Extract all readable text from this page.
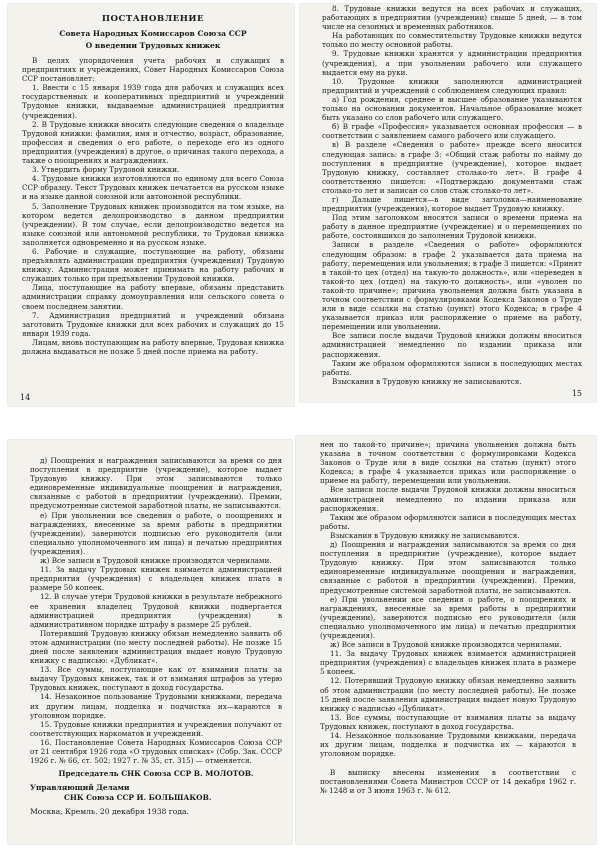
ПОСТАНОВЛЕНИЕ

Совета Народных Комиссаров Союза ССР

О введении Трудовых книжек

В целях упорядочения учета рабочих и служащих в предприятиях и учреждениях, Совет Народных Комиссаров Союза ССР постановляет:

1. Ввести с 15 января 1939 года для рабочих и служащих всех государственных и кооперативных предприятий и учреждений Трудовые книжки, выдаваемые администрацией предприятия (учреждения).

2. В Трудовые книжки вносить следующие сведения о владельце Трудовой книжки: фамилия, имя и отчество, возраст, образование, профессия и сведения о его работе, о переходе его из одного предприятия (учреждения) в другое, о причинах такого перехода, а также о поощрениях и награждениях.

3. Утвердить форму Трудовой книжки.

4. Трудовые книжки изготовляются по единому для всего Союза ССР образцу. Текст Трудовых книжек печатается на русском языке и на языке данной союзной или автономной республики.

5. Заполнение Трудовых книжек производится на том языке, на котором ведется делопроизводство в данном предприятии (учреждении). В том случае, если делопроизводство ведется на языке союзной или автономной республики, то Трудовая книжка заполняется одновременно и на русском языке.

6. Рабочие и служащие, поступающие на работу, обязаны предъявлять администрации предприятия (учреждения) Трудовую книжку. Администрация может принимать на работу рабочих и служащих только при предъявлении Трудовой книжки.

Лица, поступающие на работу впервые, обязаны представить администрации справку домоуправления или сельского совета о своем последнем занятии.

7. Администрация предприятий и учреждений обязана заготовить Трудовые книжки для всех рабочих и служащих до 15 января 1939 года.

Лицам, вновь поступающим на работу впервые, Трудовая книжка должна выдаваться не позже 5 дней после приема на работу.

14

8. Трудовые книжки ведутся на всех рабочих и служащих, работающих в предприятии (учреждении) свыше 5 дней, — в том числе на сезонных и временных работников.

На работающих по совместительству Трудовые книжки ведутся только по месту основной работы.

9. Трудовые книжки хранятся у администрации предприятия (учреждения), а при увольнении рабочего или служащего выдается ему на руки.

10. Трудовые книжки заполняются администрацией предприятий и учреждений с соблюдением следующих правил:

а) Год рождения, среднее и высшее образование указываются только на основании документов. Начальное образование может быть указано со слов рабочего или служащего.

б) В графе «Профессия» указывается основная профессия — в соответствии с заявлением самого рабочего или служащего.

в) В разделе «Сведения о работе» прежде всего вносится следующая запись: в графе 3: «Общий стаж работы по найму до поступления в предприятие (учреждение), которое выдает Трудовую книжку, составляет столько-то лет». В графе 4 соответственно пишется: «Подтверждаю документами стаж столько-то лет и записан со слов стаж столько-то лет».

г) Дальше пишется—в виде заголовка—наименование предприятия (учреждения), которое выдает Трудовую книжку.

Под этим заголовком вносятся записи о времени приема на работу в данное предприятие (учреждение) и о перемещениях по работе, состоявшихся до заполнения Трудовой книжки.

Записи в разделе «Сведения о работе» оформляются следующим образом: в графе 2 указывается дата приема на работу, перемещения или увольнения; в графе 3 пишется: «Принят в такой-то цех (отдел) на такую-то должность», или «переведен в такой-то цех (отдел) на такую-то должность», или «уволен по такой-то причине»; причина увольнения должна быть указана в точном соответствии с формулировками Кодекса Законов о Труде или в виде ссылки на статью (пункт) этого Кодекса; в графе 4 указывается приказ или распоряжение о приеме на работу, перемещении или увольнении.

Все записи после выдачи Трудовой книжки должны вноситься администрацией немедленно по издании приказа или распоряжения.

Таким же образом оформляются записи в последующих местах работы.

Взыскания в Трудовую книжку не записываются.

15

д) Поощрения и награждения записываются за время со дня поступления в предприятие (учреждение), которое выдает Трудовую книжку. При этом записываются только единовременные индивидуальные поощрения и награждения, связанные с работой в предприятии (учреждении). Премии, предусмотренные системой заработной платы, не записываются.

е) При увольнении все сведения о работе, о поощрениях и награждениях, внесенные за время работы в предприятии (учреждении), заверяются подписью его руководителя (или специально уполномоченного им лица) и печатью предприятия (учреждения).

ж) Все записи в Трудовой книжке производятся чернилами.

11. За выдачу Трудовых книжек взимается администрацией предприятия (учреждения) с владельцев книжек плата в размере 50 копеек.

12. В случае утери Трудовой книжки в результате небрежного ее хранения владелец Трудовой книжки подвергается администрацией предприятия (учреждения) в административном порядке штрафу в размере 25 рублей.

Потерявший Трудовую книжку обязан немедленно заявить об этом администрации (по месту последней работы). Не позже 15 дней после заявления администрация выдает новую Трудовую книжку с надписью: «Дубликат».

13. Все суммы, поступающие как от взимания платы за выдачу Трудовых книжек, так и от взимания штрафов за утерю Трудовых книжек, поступают в доход государства.

14. Незаконное пользование Трудовыми книжками, передача их другим лицам, подделка и подчистка их—караются в уголовном порядке.

15. Трудовые книжки предприятия и учреждения получают от соответствующих наркоматов и учреждений.

16. Постановление Совета Народных Комиссаров Союза ССР от 21 сентября 1926 года «О трудовых списках» (Собр. Зак. СССР 1926 г. № 66, ст. 502; 1927 г. № 35, ст. 315) — отменяется.

Председатель СНК Союза ССР В. МОЛОТОВ.

Управляющий Делами

СНК Союза ССР И. БОЛЬШАКОВ.

Москва, Кремль. 20 декабря 1938 года.

нен по такой-то причине»; причина увольнения должна быть указана в точном соответствии с формулировками Кодекса Законов о Труде или в виде ссылки на статью (пункт) этого Кодекса; в графе 4 указывается приказ или распоряжение о приеме на работу, перемещении или увольнении.

Все записи после выдачи Трудовой книжки должны вноситься администрацией немедленно по издании приказа или распоряжения.

Таким же образом оформляются записи в последующих местах работы.

Взыскания в Трудовую книжку не записываются.

д) Поощрения и награждения записываются за время со дня поступления в предприятие (учреждение), которое выдает Трудовую книжку. При этом записываются только единовременные индивидуальные поощрения и награждения, связанные с работой в предприятии (учреждении). Премии, предусмотренные системой заработной платы, не записываются.

е) При увольнении все сведения о работе, о поощрениях и награждениях, внесенные за время работы в предприятии (учреждении), заверяются подписью его руководителя (или специально уполномоченного им лица) и печатью предприятия (учреждения).

ж) Все записи в Трудовой книжке производятся чернилами.

11. За выдачу Трудовых книжек взимается администрацией предприятия (учреждения) с владельцев книжек плата в размере 5 копеек.

12. Потерявший Трудовую книжку обязан немедленно заявить об этом администрации (по месту последней работы). Не позже 15 дней после заявления администрация выдает новую Трудовую книжку с надписью «Дубликат».

13. Все суммы, поступающие от взимания платы за выдачу Трудовых книжек, поступают в доход государства.

14. Незаконное пользование Трудовыми книжками, передача их другим лицам, подделка и подчистка их — караются в уголовном порядке.

В выписку внесены изменения в соответствии с постановлениями Совета Министров СССР от 14 декабря 1962 г. № 1248 и от 3 июня 1963 г. № 612.
